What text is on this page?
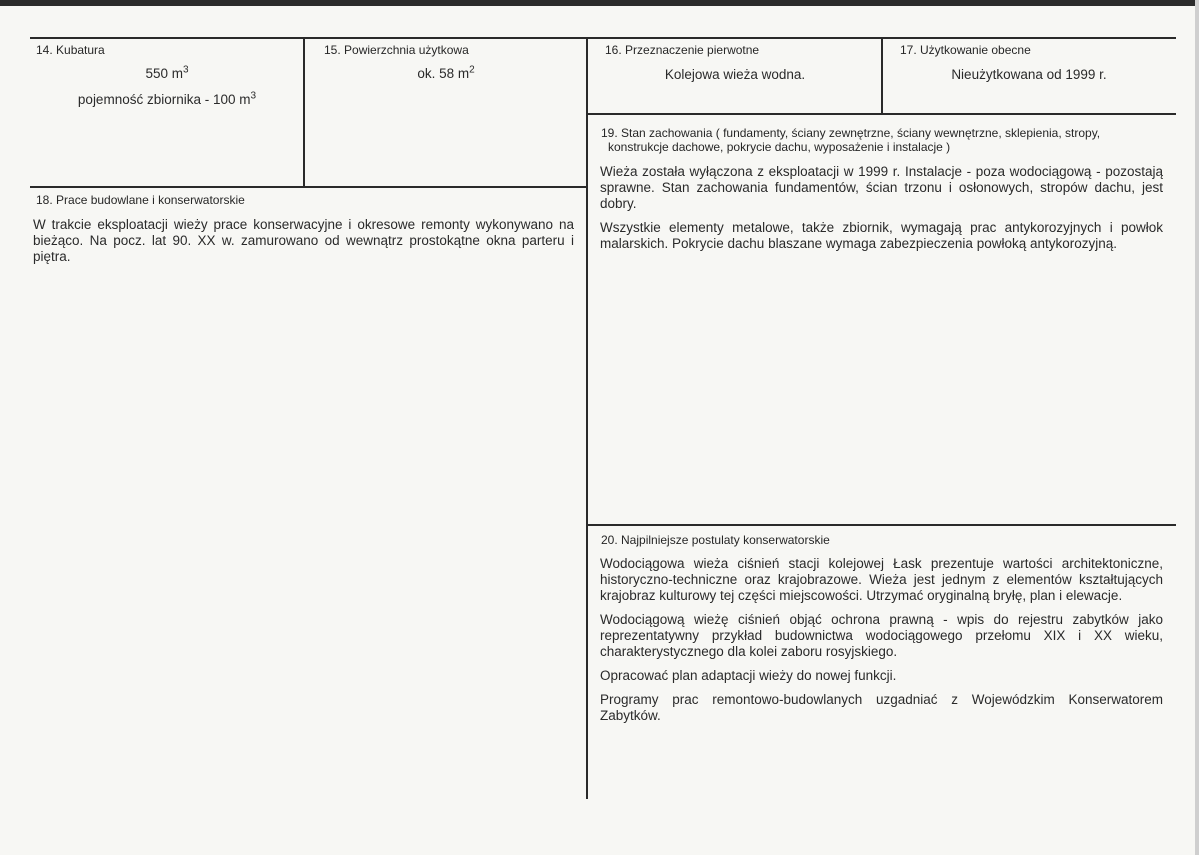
14. Kubatura
550 $m^3$
pojemność zbiornika - 100 $m^3$
15. Powierzchnia użytkowa
ok. 58 $m^2$
16. Przeznaczenie pierwotne
Kolejowa wieża wodna.
17. Użytkowanie obecne
Nieużytkowana od 1999 r.
18. Prace budowlane i konserwatorskie

W trakcie eksploatacji wieży prace konserwacyjne i okresowe remonty wykonywano na bieżąco. Na pocz. lat 90. XX w. zamurowano od wewnątrz prostokątne okna parteru i piętra.

19. Stan zachowania ( fundamenty, ściany zewnętrzne, ściany wewnętrzne, sklepienia, stropy,
konstrukcje dachowe, pokrycie dachu, wyposażenie i instalacje )

Wieża została wyłączona z eksploatacji w 1999 r. Instalacje - poza wodociągową - pozostają sprawne. Stan zachowania fundamentów, ścian trzonu i osłonowych, stropów dachu, jest dobry.

Wszystkie elementy metalowe, także zbiornik, wymagają prac antykorozyjnych i powłok malarskich. Pokrycie dachu blaszane wymaga zabezpieczenia powłoką antykorozyjną.

20. Najpilniejsze postulaty konserwatorskie

Wodociągowa wieża ciśnień stacji kolejowej Łask prezentuje wartości architektoniczne, historyczno-techniczne oraz krajobrazowe. Wieża jest jednym z elementów kształtujących krajobraz kulturowy tej części miejscowości. Utrzymać oryginalną bryłę, plan i elewacje.

Wodociągową wieżę ciśnień objąć ochrona prawną - wpis do rejestru zabytków jako reprezentatywny przykład budownictwa wodociągowego przełomu XIX i XX wieku, charakterystycznego dla kolei zaboru rosyjskiego.

Opracować plan adaptacji wieży do nowej funkcji.

Programy prac remontowo-budowlanych uzgadniać z Wojewódzkim Konserwatorem Zabytków.
